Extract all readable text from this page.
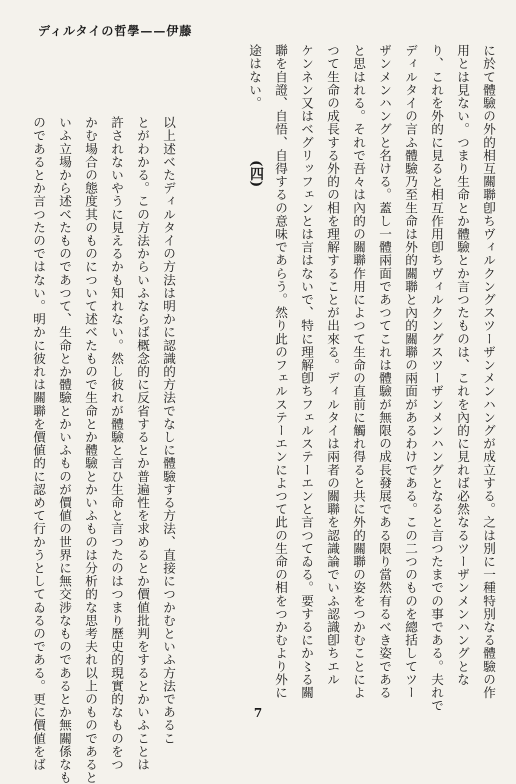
ディルタイの哲學——伊藤
に於て體驗の外的相互關聯卽ちヴィルクングスツーザンメンハングが成立する。之は別に一種特別なる體驗の作
用とは見ない。つまり生命とか體驗とか言つたものは、これを內的に見れば必然なるツーザンメンハングとな
り、これを外的に見ると相互作用卽ちヴィルクングスツーザンメンハングとなると言つたまでの事である。夫れで
ディルタイの言ふ體驗乃至生命は外的關聯と內的關聯の兩面があるわけである。この二つのものを總括してツー
ザンメンハングと名ける。蓋し一體兩面であつてこれは體驗が無限の成長發展である限り當然有るべき姿である
と思はれる。それで吾々は內的の關聯作用によつて生命の直前に觸れ得ると共に外的關聯の姿をつかむことによ
つて生命の成長する外的の相を理解することが出來る。ディルタイは兩者の關聯を認識論でいふ認識卽ちエル
ケンネン又はベグリッフェンとは言はないで、特に理解卽ちフェルステーエンと言つてゐる。要するにか〻る關
聯を自證、自悟、自得するの意味であらう。然り此のフェルステーエンによつて此の生命の相をつかむより外に
途はない。
以上述べたディルタイの方法は明かに認識的方法でなしに體驗する方法、直接につかむといふ方法であるこ
とがわかる。この方法からいふならば概念的に反省するとか普遍性を求めるとか價値批判をするとかいふことは
許されないやうに見えるかも知れない。然し彼れが體驗と言ひ生命と言つたのはつまり歷史的現實的なものをつ
かむ場合の態度其のものについて述べたもので生命とか體驗とかいふものは分析的な思考夫れ以上のものであると
いふ立場から述べたものであつて、生命とか體驗とかいふものが價値の世界に無交涉なものであるとか無關係なも
のであるとか言つたのではない。明かに彼れは關聯を價値的に認めて行かうとしてゐるのである。更に價値をば	(四)
7
